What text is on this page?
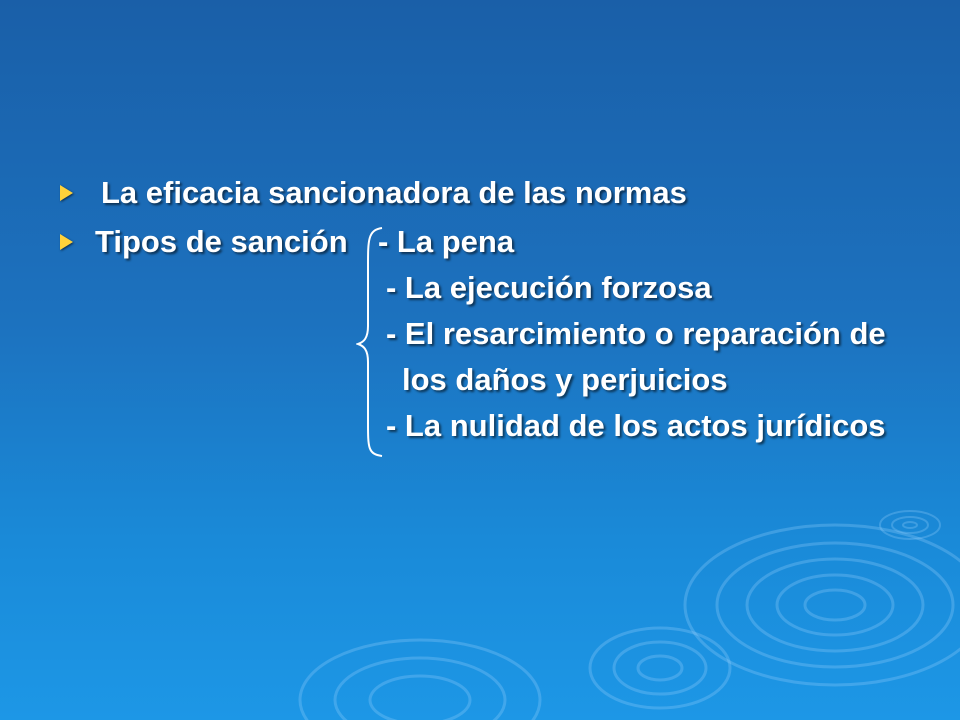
La eficacia sancionadora de las normas
Tipos de sanción - La pena
- La ejecución forzosa
- El resarcimiento o reparación de
los daños y perjuicios
- La nulidad de los actos jurídicos
